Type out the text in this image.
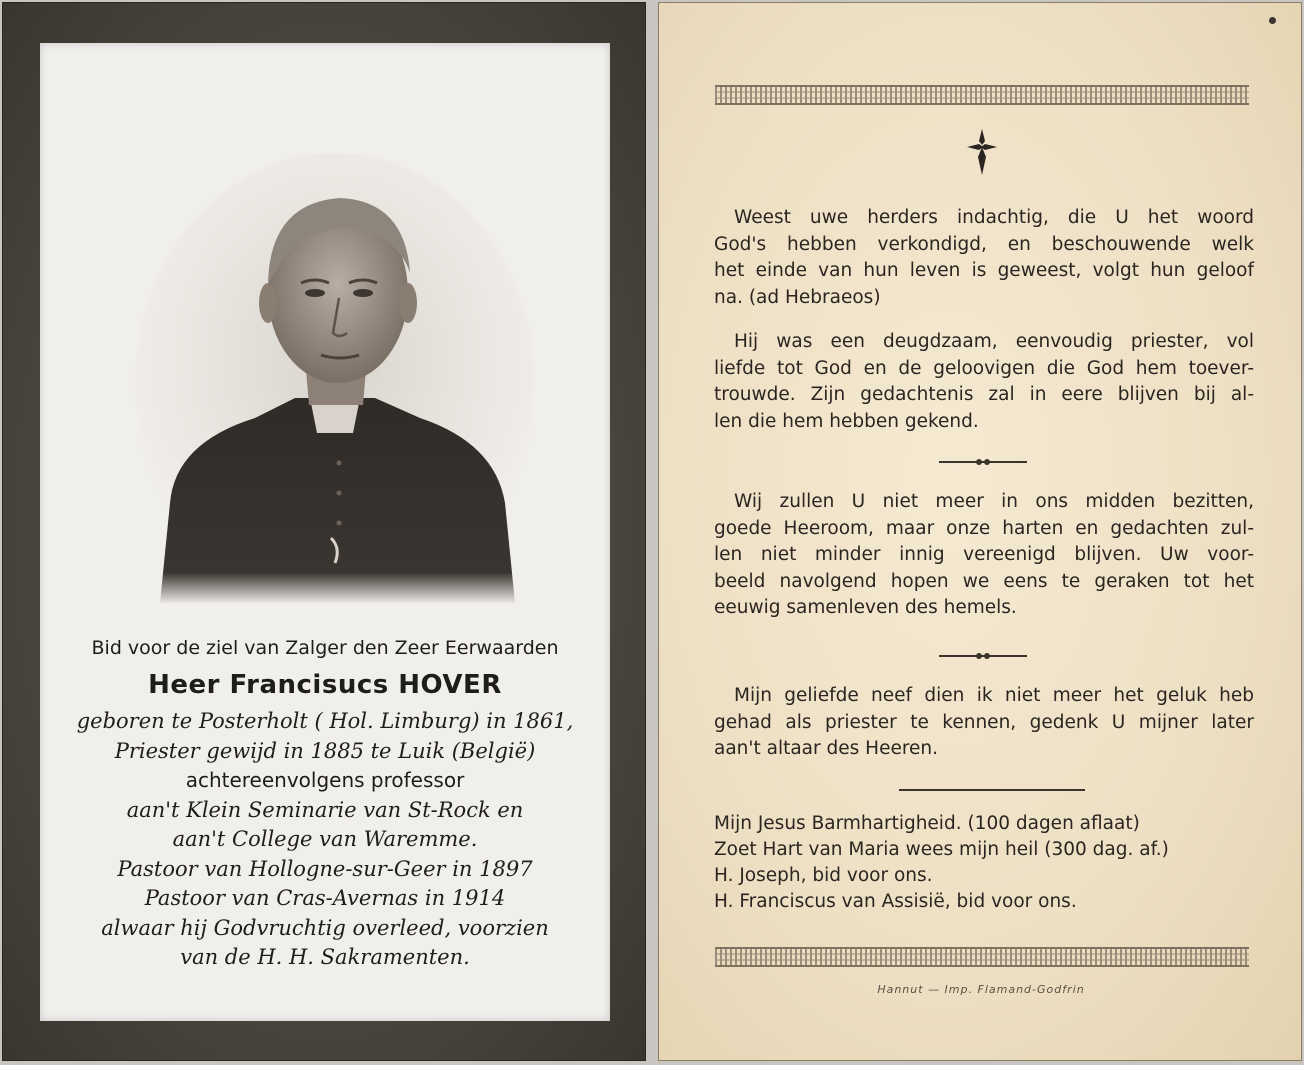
Bid voor de ziel van Zalger den Zeer Eerwaarden
Heer Francisucs HOVER
geboren te Posterholt ( Hol. Limburg) in 1861,
Priester gewijd in 1885 te Luik (België)
achtereenvolgens professor
aan't Klein Seminarie van St-Rock en
aan't College van Waremme.
Pastoor van Hollogne-sur-Geer in 1897
Pastoor van Cras-Avernas in 1914
alwaar hij Godvruchtig overleed, voorzien
van de H. H. Sakramenten.
Weest uwe herders indachtig, die U het woord
God's hebben verkondigd, en beschouwende welk
het einde van hun leven is geweest, volgt hun geloof
na. (ad Hebraeos)
Hij was een deugdzaam, eenvoudig priester, vol
liefde tot God en de geloovigen die God hem toever-
trouwde. Zijn gedachtenis zal in eere blijven bij al-
len die hem hebben gekend.
Wij zullen U niet meer in ons midden bezitten,
goede Heeroom, maar onze harten en gedachten zul-
len niet minder innig vereenigd blijven. Uw voor-
beeld navolgend hopen we eens te geraken tot het
eeuwig samenleven des hemels.
Mijn geliefde neef dien ik niet meer het geluk heb
gehad als priester te kennen, gedenk U mijner later
aan't altaar des Heeren.
Mijn Jesus Barmhartigheid. (100 dagen aflaat)
Zoet Hart van Maria wees mijn heil (300 dag. af.)
H. Joseph, bid voor ons.
H. Franciscus van Assisië, bid voor ons.
Hannut — Imp. Flamand-Godfrin
